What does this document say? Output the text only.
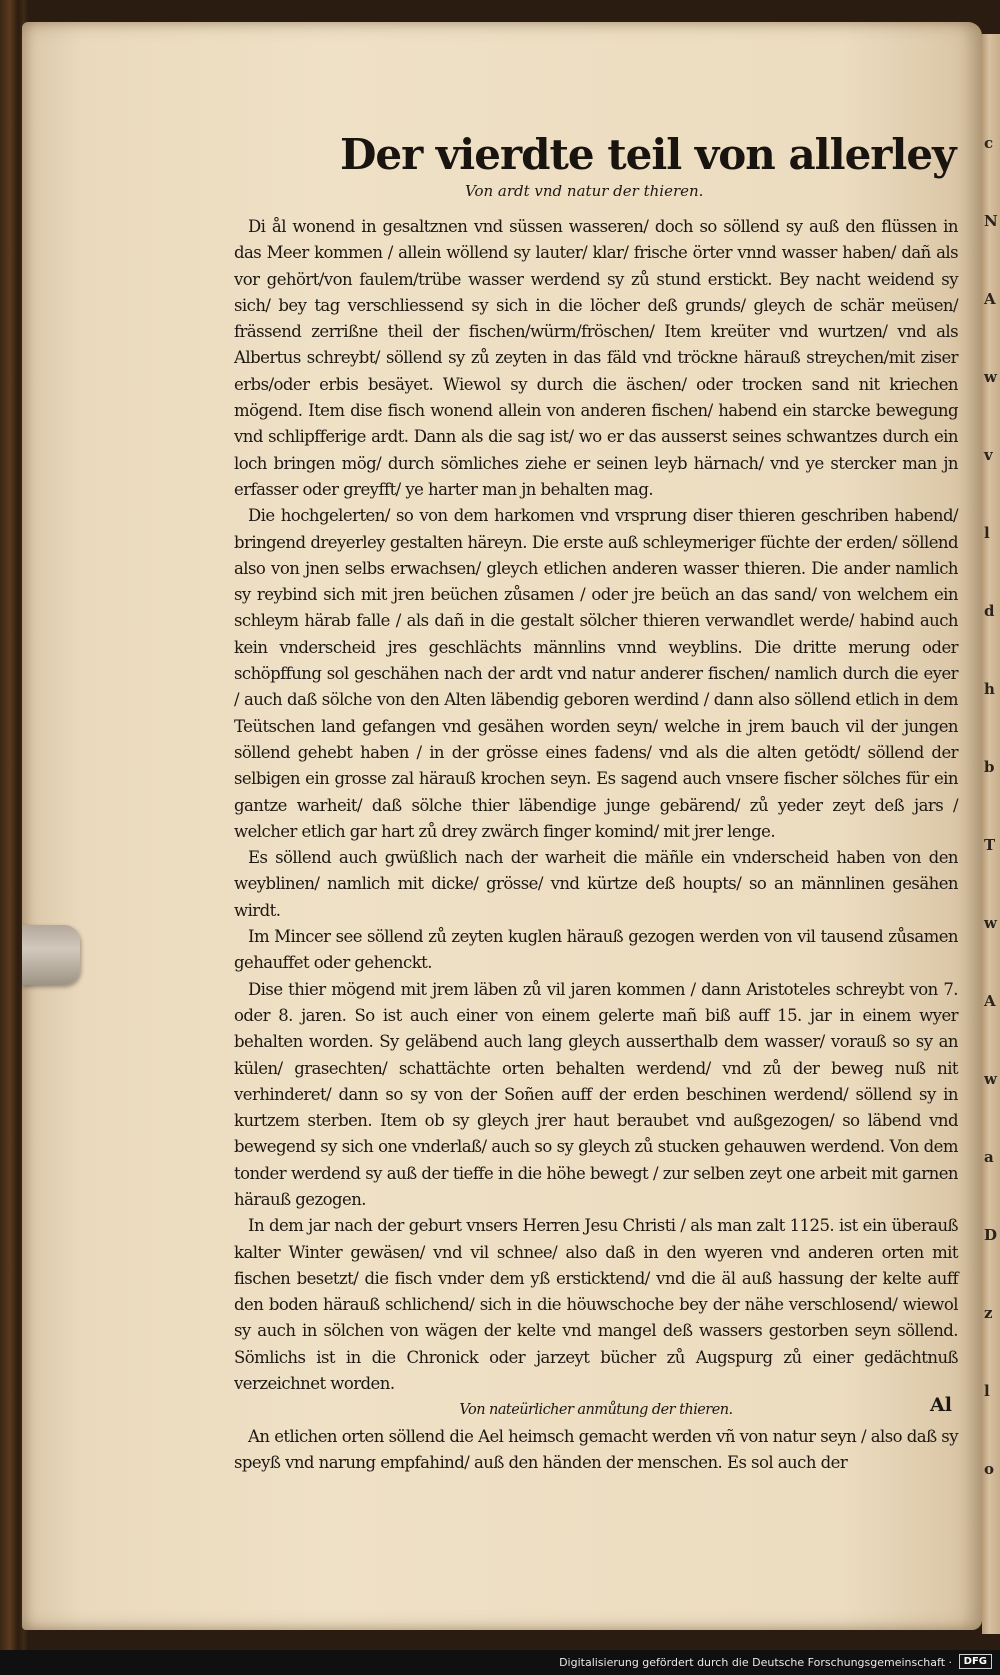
Der vierdte teil von allerley
Von ardt vnd natur der thieren.

Di ål wonend in gesaltznen vnd süssen wasseren/ doch so söllend sy auß den flüssen in das Meer kommen / allein wöllend sy lauter/ klar/ frische örter vnnd wasser haben/ dañ als vor gehört/von faulem/trübe wasser werdend sy zů stund erstickt. Bey nacht weidend sy sich/ bey tag verschliessend sy sich in die löcher deß grunds/ gleych de schär meüsen/ frässend zerrißne theil der fischen/würm/fröschen/ Item kreüter vnd wurtzen/ vnd als Albertus schreybt/ söllend sy zů zeyten in das fäld vnd tröckne härauß streychen/mit ziser erbs/oder erbis besäyet. Wiewol sy durch die äschen/ oder trocken sand nit kriechen mögend. Item dise fisch wonend allein von anderen fischen/ habend ein starcke bewegung vnd schlipfferige ardt. Dann als die sag ist/ wo er das ausserst seines schwantzes durch ein loch bringen mög/ durch sömliches ziehe er seinen leyb härnach/ vnd ye stercker man jn erfasser oder greyfft/ ye harter man jn behalten mag.

Die hochgelerten/ so von dem harkomen vnd vrsprung diser thieren geschriben habend/ bringend dreyerley gestalten häreyn. Die erste auß schleymeriger füchte der erden/ söllend also von jnen selbs erwachsen/ gleych etlichen anderen wasser thieren. Die ander namlich sy reybind sich mit jren beüchen zůsamen / oder jre beüch an das sand/ von welchem ein schleym härab falle / als dañ in die gestalt sölcher thieren verwandlet werde/ habind auch kein vnderscheid jres geschlächts männlins vnnd weyblins. Die dritte merung oder schöpffung sol geschähen nach der ardt vnd natur anderer fischen/ namlich durch die eyer / auch daß sölche von den Alten läbendig geboren werdind / dann also söllend etlich in dem Teütschen land gefangen vnd gesähen worden seyn/ welche in jrem bauch vil der jungen söllend gehebt haben / in der grösse eines fadens/ vnd als die alten getödt/ söllend der selbigen ein grosse zal härauß krochen seyn. Es sagend auch vnsere fischer sölches für ein gantze warheit/ daß sölche thier läbendige junge gebärend/ zů yeder zeyt deß jars / welcher etlich gar hart zů drey zwärch finger komind/ mit jrer lenge.

Es söllend auch gwüßlich nach der warheit die mäñle ein vnderscheid haben von den weyblinen/ namlich mit dicke/ grösse/ vnd kürtze deß houpts/ so an männlinen gesähen wirdt.

Im Mincer see söllend zů zeyten kuglen härauß gezogen werden von vil tausend zůsamen gehauffet oder gehenckt.

Dise thier mögend mit jrem läben zů vil jaren kommen / dann Aristoteles schreybt von 7. oder 8. jaren. So ist auch einer von einem gelerte mañ biß auff 15. jar in einem wyer behalten worden. Sy geläbend auch lang gleych ausserthalb dem wasser/ vorauß so sy an külen/ grasechten/ schattächte orten behalten werdend/ vnd zů der beweg nuß nit verhinderet/ dann so sy von der Soñen auff der erden beschinen werdend/ söllend sy in kurtzem sterben. Item ob sy gleych jrer haut beraubet vnd außgezogen/ so läbend vnd bewegend sy sich one vnderlaß/ auch so sy gleych zů stucken gehauwen werdend. Von dem tonder werdend sy auß der tieffe in die höhe bewegt / zur selben zeyt one arbeit mit garnen härauß gezogen.

In dem jar nach der geburt vnsers Herren Jesu Christi / als man zalt 1125. ist ein überauß kalter Winter gewäsen/ vnd vil schnee/ also daß in den wyeren vnd anderen orten mit fischen besetzt/ die fisch vnder dem yß ersticktend/ vnd die äl auß hassung der kelte auff den boden härauß schlichend/ sich in die höuwschoche bey der nähe verschlosend/ wiewol sy auch in sölchen von wägen der kelte vnd mangel deß wassers gestorben seyn söllend. Sömlichs ist in die Chronick oder jarzeyt bücher zů Augspurg zů einer gedächtnuß verzeichnet worden.

Von nateürlicher anmůtung der thieren.

An etlichen orten söllend die Ael heimsch gemacht werden vñ von natur seyn / also daß sy speyß vnd narung empfahind/ auß den händen der menschen. Es sol auch der

Al
c
N
A
w
v
l
d
h
b
T
w
A
w
a
D
z
l
o
Digitalisierung gefördert durch die Deutsche Forschungsgemeinschaft ·	DFG
